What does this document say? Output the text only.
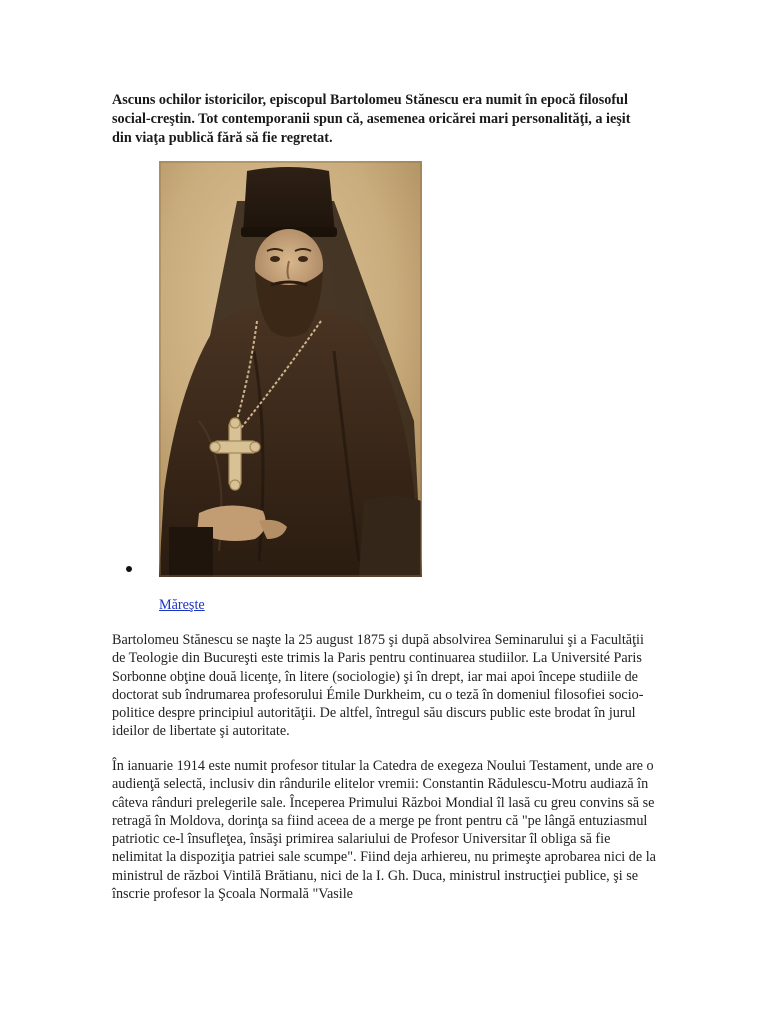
Ascuns ochilor istoricilor, episcopul Bartolomeu Stănescu era numit în epocă filosoful social-creştin. Tot contemporanii spun că, asemenea oricărei mari personalităţi, a ieşit din viaţa publică fără să fie regretat.

Măreşte

Bartolomeu Stănescu se naşte la 25 august 1875 şi după absolvirea Seminarului şi a Facultăţii de Teologie din Bucureşti este trimis la Paris pentru continuarea studiilor. La Université Paris Sorbonne obţine două licenţe, în litere (sociologie) şi în drept, iar mai apoi începe studiile de doctorat sub îndrumarea profesorului Émile Durkheim, cu o teză în domeniul filosofiei socio-politice despre principiul autorităţii. De altfel, întregul său discurs public este brodat în jurul ideilor de libertate şi autoritate.

În ianuarie 1914 este numit profesor titular la Catedra de exegeza Noului Testament, unde are o audienţă selectă, inclusiv din rândurile elitelor vremii: Constantin Rădulescu-Motru audiază în câteva rânduri prelegerile sale. Începerea Primului Război Mondial îl lasă cu greu convins să se retragă în Moldova, dorinţa sa fiind aceea de a merge pe front pentru că "pe lângă entuziasmul patriotic ce-l însufleţea, însăşi primirea salariului de Profesor Universitar îl obliga să fie nelimitat la dispoziţia patriei sale scumpe". Fiind deja arhiereu, nu primeşte aprobarea nici de la ministrul de război Vintilă Brătianu, nici de la I. Gh. Duca, ministrul instrucţiei publice, şi se înscrie profesor la Şcoala Normală "Vasile
